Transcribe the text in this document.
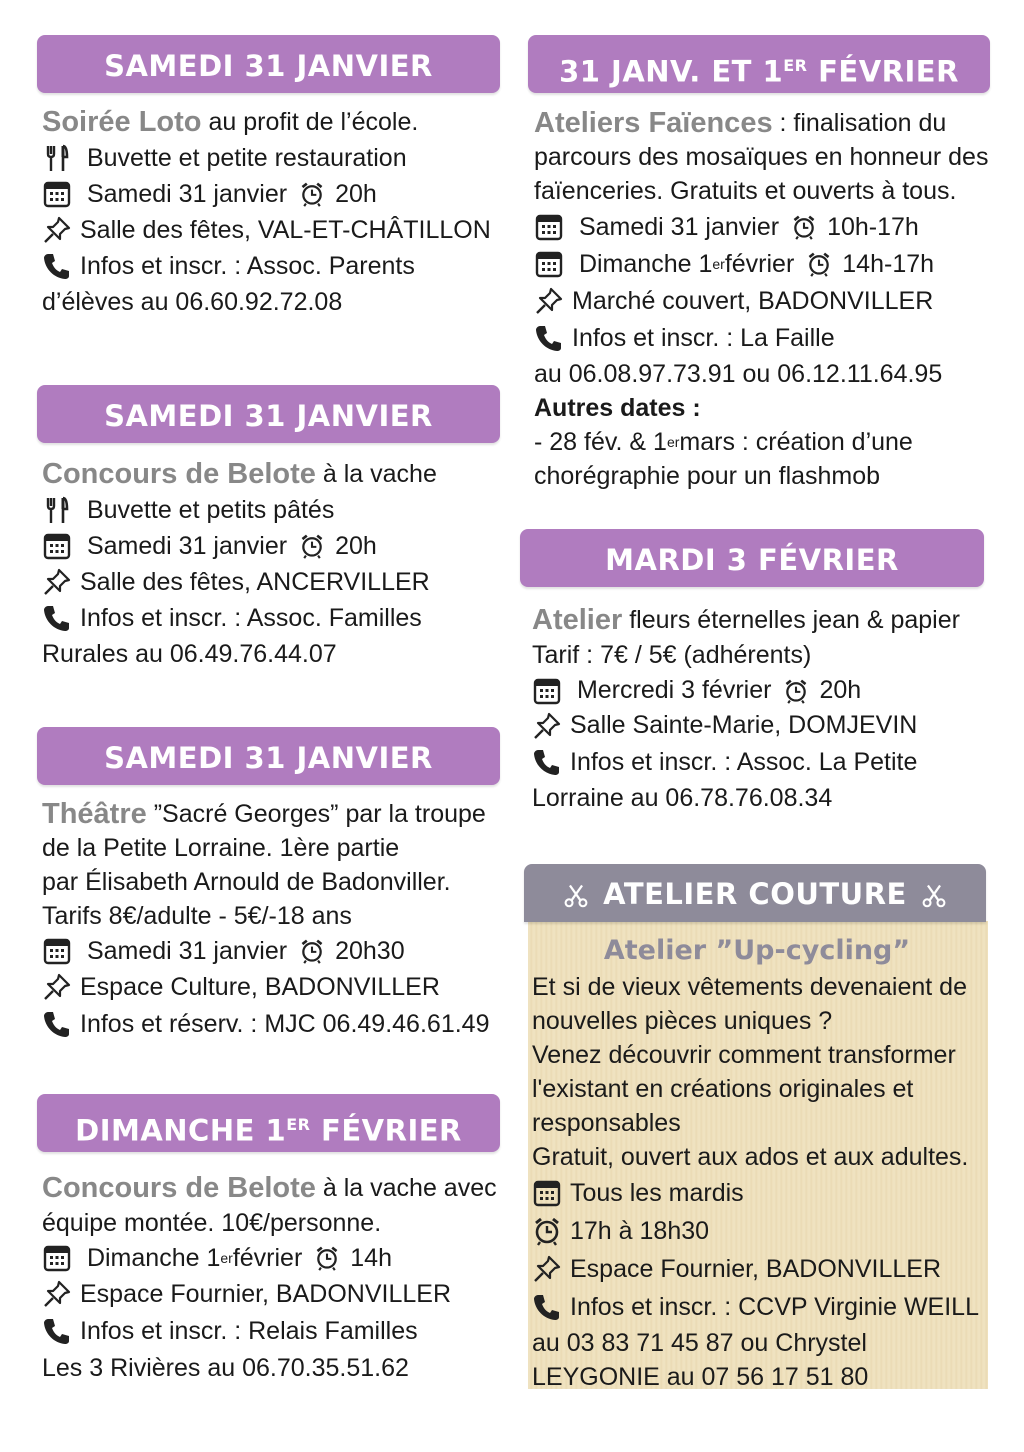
SAMEDI 31 JANVIER
Soirée Loto
au profit de l’école.

Buvette et petite restauration

Samedi 31 janvier 20h
Salle des fêtes, VAL-ET-CHÂTILLON
Infos et inscr. : Assoc. Parents
d’élèves au 06.60.92.72.08
SAMEDI 31 JANVIER
Concours de Belote
à la vache

Buvette et petits pâtés

Samedi 31 janvier 20h
Salle des fêtes, ANCERVILLER
Infos et inscr. : Assoc. Familles
Rurales au 06.49.76.44.07
SAMEDI 31 JANVIER
Théâtre
”Sacré Georges” par la troupe
de la Petite Lorraine. 1ère partie
par Élisabeth Arnould de Badonviller.
Tarifs 8€/adulte - 5€/-18 ans

Samedi 31 janvier 20h30
Espace Culture, BADONVILLER
Infos et réserv. : MJC 06.49.46.61.49
DIMANCHE 1ER FÉVRIER
Concours de Belote
à la vache avec
équipe montée. 10€/personne.

Dimanche 1 er février 14h
Espace Fournier, BADONVILLER
Infos et inscr. : Relais Familles
Les 3 Rivières au 06.70.35.51.62
31 JANV. ET 1ER FÉVRIER
Ateliers Faïences
: finalisation du
parcours des mosaïques en honneur des
faïenceries. Gratuits et ouverts à tous.

Samedi 31 janvier 10h-17h

Dimanche 1 er février 14h-17h
Marché couvert, BADONVILLER
Infos et inscr. : La Faille
au 06.08.97.73.91 ou 06.12.11.64.95
Autres dates :
- 28 fév. & 1 er mars : création d’une
chorégraphie pour un flashmob
MARDI 3 FÉVRIER
Atelier
fleurs éternelles jean & papier
Tarif : 7€ / 5€ (adhérents)

Mercredi 3 février 20h
Salle Sainte-Marie, DOMJEVIN
Infos et inscr. : Assoc. La Petite
Lorraine au 06.78.76.08.34
ATELIER COUTURE
Atelier ”Up-cycling”
Et si de vieux vêtements devenaient de
nouvelles pièces uniques ?
Venez découvrir comment transformer
l'existant en créations originales et
responsables
Gratuit, ouvert aux ados et aux adultes.
Tous les mardis
17h à 18h30
Espace Fournier, BADONVILLER
Infos et inscr. : CCVP Virginie WEILL
au 03 83 71 45 87 ou Chrystel
LEYGONIE au 07 56 17 51 80
